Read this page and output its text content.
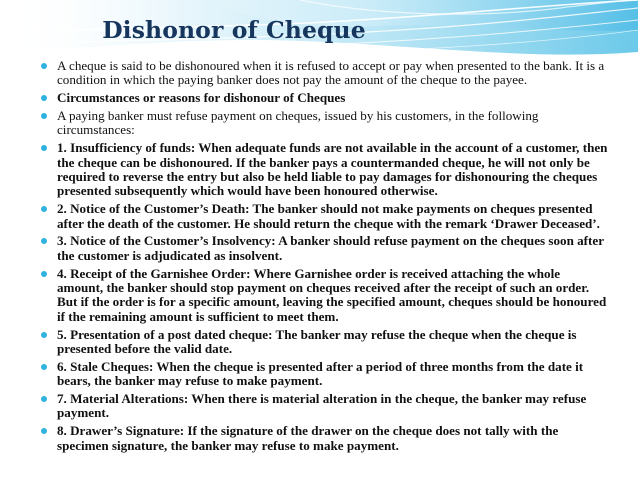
Dishonor of Cheque
A cheque is said to be dishonoured when it is refused to accept or pay when presented to the bank. It is a condition in which the paying banker does not pay the amount of the cheque to the payee.
Circumstances or reasons for dishonour of Cheques
A paying banker must refuse payment on cheques, issued by his customers, in the following circumstances:
1. Insufficiency of funds: When adequate funds are not available in the account of a customer, then the cheque can be dishonoured. If the banker pays a countermanded cheque, he will not only be required to reverse the entry but also be held liable to pay damages for dishonouring the cheques presented subsequently which would have been honoured otherwise.
2. Notice of the Customer’s Death: The banker should not make payments on cheques presented after the death of the customer. He should return the cheque with the remark ‘Drawer Deceased’.
3. Notice of the Customer’s Insolvency: A banker should refuse payment on the cheques soon after the customer is adjudicated as insolvent.
4. Receipt of the Garnishee Order: Where Garnishee order is received attaching the whole amount, the banker should stop payment on cheques received after the receipt of such an order. But if the order is for a specific amount, leaving the specified amount, cheques should be honoured if the remaining amount is sufficient to meet them.
5. Presentation of a post dated cheque: The banker may refuse the cheque when the cheque is presented before the valid date.
6. Stale Cheques: When the cheque is presented after a period of three months from the date it bears, the banker may refuse to make payment.
7. Material Alterations: When there is material alteration in the cheque, the banker may refuse payment.
8. Drawer’s Signature: If the signature of the drawer on the cheque does not tally with the specimen signature, the banker may refuse to make payment.
